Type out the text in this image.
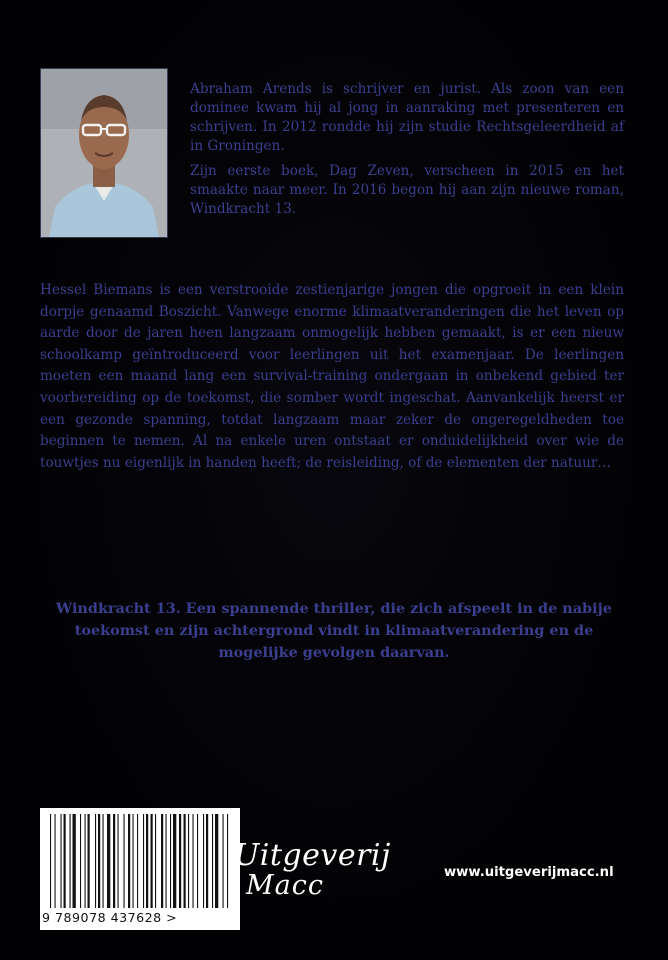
Abraham Arends is schrijver en jurist. Als zoon van een dominee kwam hij al jong in aanraking met presenteren en schrijven. In 2012 rondde hij zijn studie Rechtsgeleerdheid af in Groningen.

Zijn eerste boek, Dag Zeven, verscheen in 2015 en het smaakte naar meer. In 2016 begon hij aan zijn nieuwe roman, Windkracht 13.

Hessel Biemans is een verstrooide zestienjarige jongen die opgroeit in een klein dorpje genaamd Boszicht. Vanwege enorme klimaatveranderingen die het leven op aarde door de jaren heen langzaam onmogelijk hebben gemaakt, is er een nieuw schoolkamp geïntroduceerd voor leerlingen uit het examenjaar. De leerlingen moeten een maand lang een survival-training ondergaan in onbekend gebied ter voorbereiding op de toekomst, die somber wordt ingeschat. Aanvankelijk heerst er een gezonde spanning, totdat langzaam maar zeker de ongeregeldheden toe beginnen te nemen. Al na enkele uren ontstaat er onduidelijkheid over wie de touwtjes nu eigenlijk in handen heeft; de reisleiding, of de elementen der natuur…

Windkracht 13. Een spannende thriller, die zich afspeelt in de nabije toekomst en zijn achtergrond vindt in klimaatverandering en de mogelijke gevolgen daarvan.

9 789078 437628 >
Uitgeverij
Macc	www.uitgeverijmacc.nl
